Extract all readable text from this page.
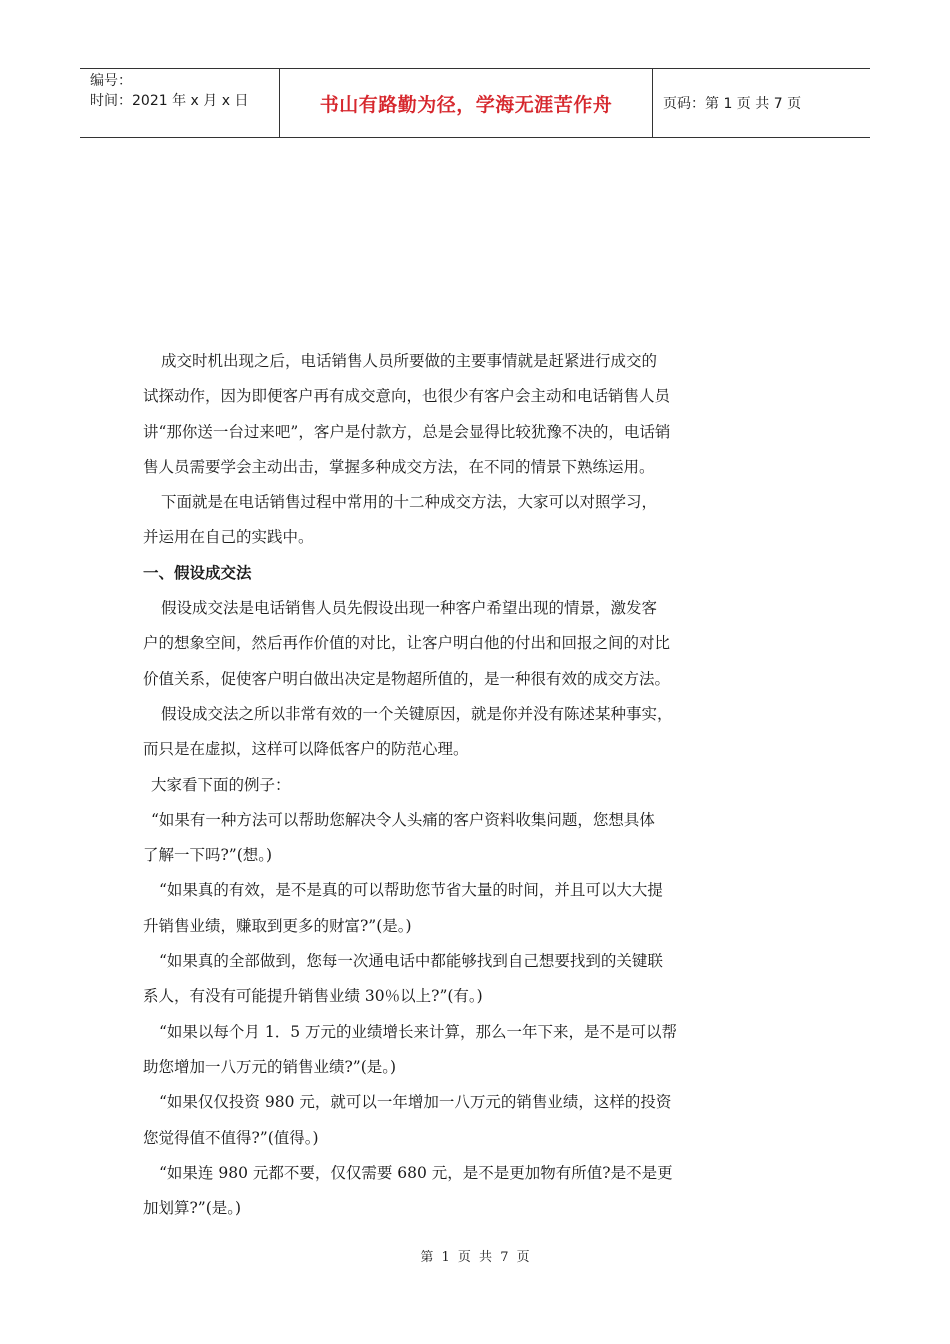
编号：
时间：2021 年 x 月 x 日	书山有路勤为径，学海无涯苦作舟	页码：第 1 页 共 7 页
成交时机出现之后，电话销售人员所要做的主要事情就是赶紧进行成交的
试探动作，因为即便客户再有成交意向，也很少有客户会主动和电话销售人员
讲“那你送一台过来吧”，客户是付款方，总是会显得比较犹豫不决的，电话销
售人员需要学会主动出击，掌握多种成交方法，在不同的情景下熟练运用。
下面就是在电话销售过程中常用的十二种成交方法，大家可以对照学习，
并运用在自己的实践中。
一、假设成交法
假设成交法是电话销售人员先假设出现一种客户希望出现的情景，激发客
户的想象空间，然后再作价值的对比，让客户明白他的付出和回报之间的对比
价值关系，促使客户明白做出决定是物超所值的，是一种很有效的成交方法。
假设成交法之所以非常有效的一个关键原因，就是你并没有陈述某种事实，
而只是在虚拟，这样可以降低客户的防范心理。
大家看下面的例子：
“如果有一种方法可以帮助您解决令人头痛的客户资料收集问题，您想具体
了解一下吗?”(想。)
“如果真的有效，是不是真的可以帮助您节省大量的时间，并且可以大大提
升销售业绩，赚取到更多的财富?”(是。)
“如果真的全部做到，您每一次通电话中都能够找到自己想要找到的关键联
系人，有没有可能提升销售业绩 30％以上?”(有。)
“如果以每个月 1．5 万元的业绩增长来计算，那么一年下来，是不是可以帮
助您增加一八万元的销售业绩?”(是。)
“如果仅仅投资 980 元，就可以一年增加一八万元的销售业绩，这样的投资
您觉得值不值得?”(值得。)
“如果连 980 元都不要，仅仅需要 680 元，是不是更加物有所值?是不是更
加划算?”(是。)
第 1 页 共 7 页
